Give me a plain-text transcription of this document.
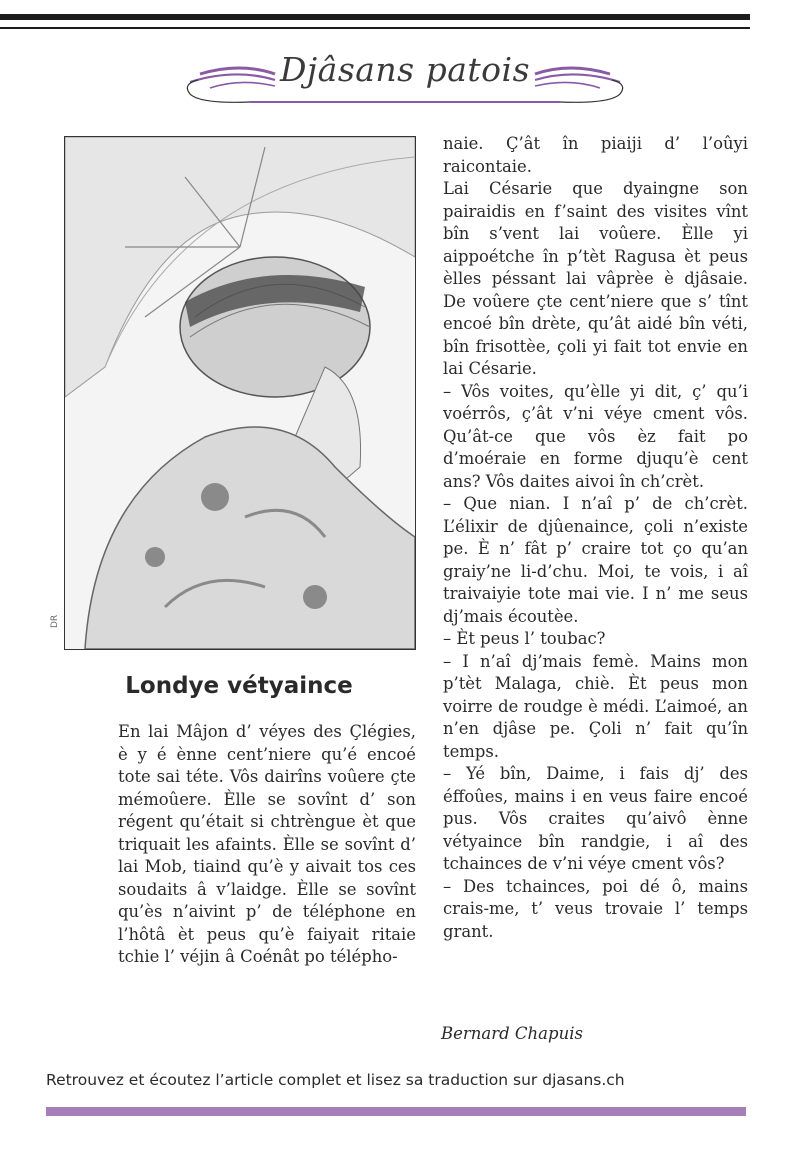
Djâsans patois
DR
Londye vétyaince

En lai Mâjon d’ véyes des Çlégies, è y é ènne cent’niere qu’é encoé tote sai téte. Vôs dairîns voûere çte mémoûere. Èlle se sovînt d’ son régent qu’était si chtrèngue èt que triquait les afaints. Èlle se sovînt d’ lai Mob, tiaind qu’è y aivait tos ces soudaits â v’laidge. Èlle se sovînt qu’ès n’aivint p’ de téléphone en l’hôtâ èt peus qu’è faiyait ritaie tchie l’ véjin â Coénât po télépho-

naie. Ç’ât în piaiji d’ l’oûyi raicontaie.

Lai Césarie que dyaingne son pairaidis en f’saint des visites vînt bîn s’vent lai voûere. Èlle yi aippoétche în p’tèt Ragusa èt peus èlles péssant lai vâprèe è djâsaie. De voûere çte cent’niere que s’ tînt encoé bîn drète, qu’ât aidé bîn véti, bîn frisottèe, çoli yi fait tot envie en lai Césarie.

– Vôs voites, qu’èlle yi dit, ç’ qu’i voérrôs, ç’ât v’ni véye cment vôs. Qu’ât-ce que vôs èz fait po d’moéraie en forme djuqu’è cent ans? Vôs daites aivoi în ch’crèt.

– Que nian. I n’aî p’ de ch’crèt. L’élixir de djûenaince, çoli n’existe pe. È n’ fât p’ craire tot ço qu’an graiy’ne li-d’chu. Moi, te vois, i aî traivaiyie tote mai vie. I n’ me seus dj’mais écoutèe.

– Èt peus l’ toubac?

– I n’aî dj’mais femè. Mains mon p’tèt Malaga, chiè. Èt peus mon voirre de roudge è médi. L’aimoé, an n’en djâse pe. Çoli n’ fait qu’în temps.

– Yé bîn, Daime, i fais dj’ des éffoûes, mains i en veus faire encoé pus. Vôs craites qu’aivô ènne vétyaince bîn randgie, i aî des tchainces de v’ni véye cment vôs?

– Des tchainces, poi dé ô, mains crais-me, t’ veus trovaie l’ temps grant.

Bernard Chapuis
Retrouvez et écoutez l’article complet et lisez sa traduction sur djasans.ch
